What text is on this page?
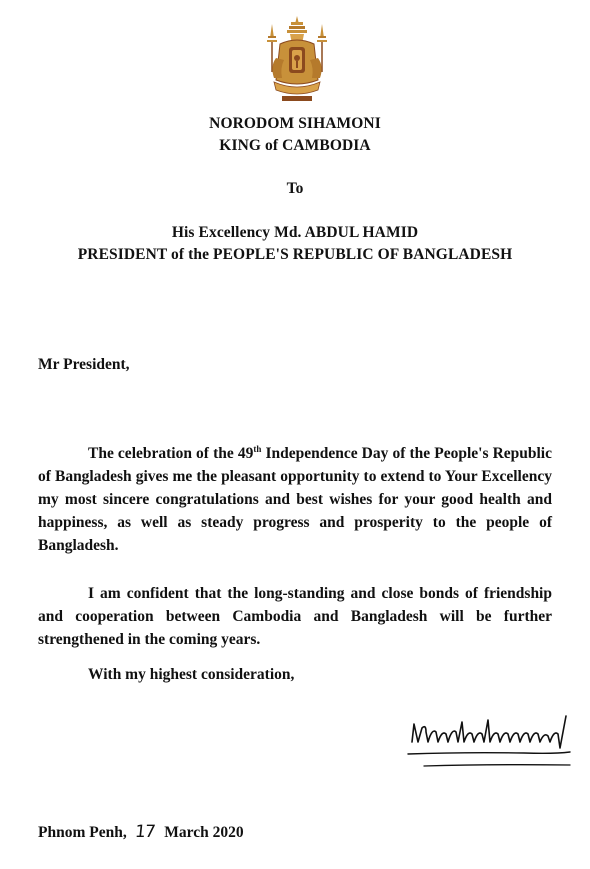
NORODOM SIHAMONI
KING of CAMBODIA
To
His Excellency Md. ABDUL HAMID
PRESIDENT of the PEOPLE'S REPUBLIC OF BANGLADESH
Mr President,
The celebration of the 49th Independence Day of the People's Republic of Bangladesh gives me the pleasant opportunity to extend to Your Excellency my most sincere congratulations and best wishes for your good health and happiness, as well as steady progress and prosperity to the people of Bangladesh.
I am confident that the long-standing and close bonds of friendship and cooperation between Cambodia and Bangladesh will be further strengthened in the coming years.
With my highest consideration,
Phnom Penh, 17 March 2020
